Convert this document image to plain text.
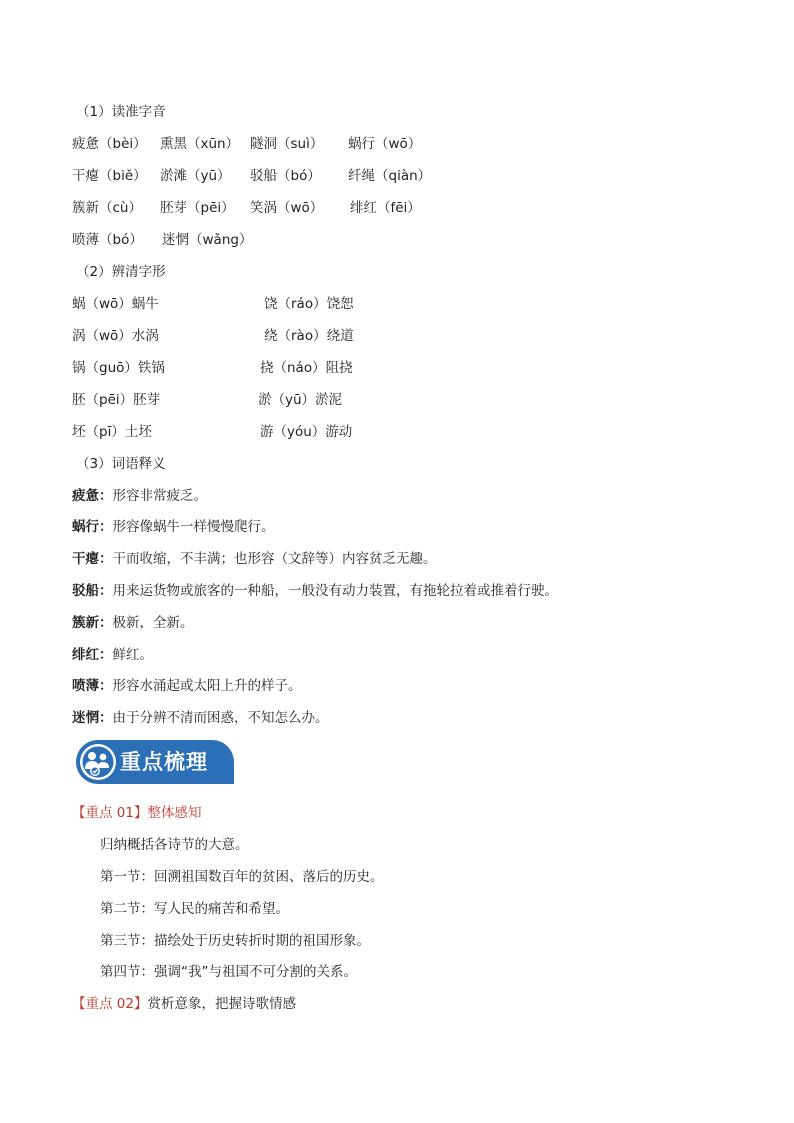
（1）读准字音
疲惫（bèi） 熏黑（xūn） 隧洞（suì） 蜗行（wō）
干瘪（biě） 淤滩（yū） 驳船（bó） 纤绳（qiàn）
簇新（cù） 胚芽（pēi） 笑涡（wō） 绯红（fēi）
喷薄（bó） 迷惘（wǎng）
（2）辨清字形
蜗（wō）蜗牛	饶（ráo）饶恕
涡（wō）水涡	绕（rào）绕道
锅（guō）铁锅	挠（náo）阻挠
胚（pēi）胚芽	淤（yū）淤泥
坯（pī）土坯	游（yóu）游动
（3）词语释义
疲惫：形容非常疲乏。
蜗行：形容像蜗牛一样慢慢爬行。
干瘪：干而收缩，不丰满；也形容（文辞等）内容贫乏无趣。
驳船：用来运货物或旅客的一种船，一般没有动力装置，有拖轮拉着或推着行驶。
簇新：极新，全新。
绯红：鲜红。
喷薄：形容水涌起或太阳上升的样子。
迷惘：由于分辨不清而困惑，不知怎么办。
重点梳理
【重点 01】整体感知
归纳概括各诗节的大意。
第一节：回溯祖国数百年的贫困、落后的历史。
第二节：写人民的痛苦和希望。
第三节：描绘处于历史转折时期的祖国形象。
第四节：强调“我”与祖国不可分割的关系。
【重点 02】赏析意象，把握诗歌情感
